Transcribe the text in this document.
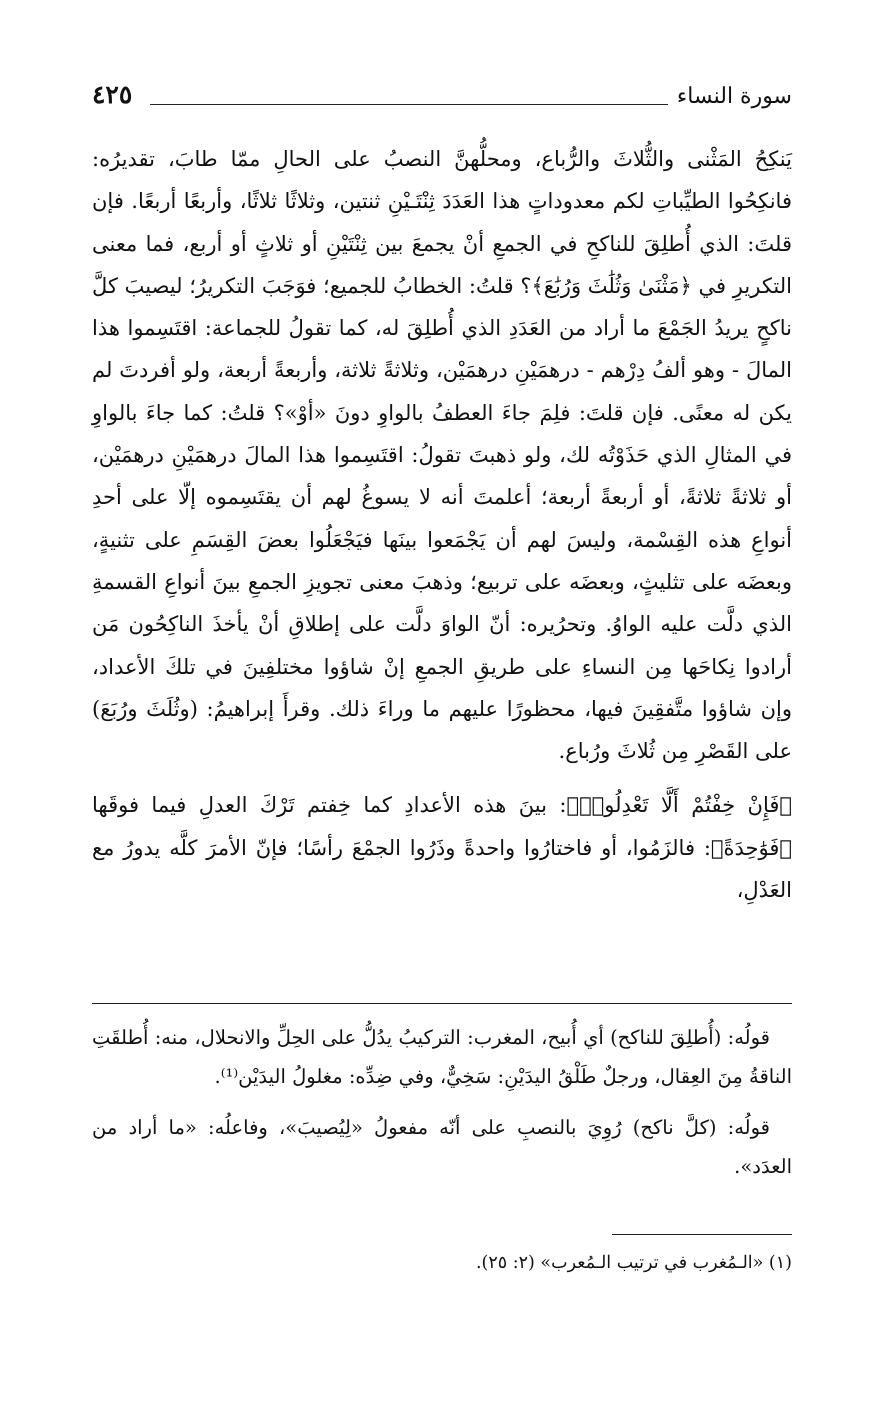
سورة النساء
٤٢٥

يَنكِحُ المَثْنى والثُّلاثَ والرُّباع، ومحلُّهنَّ النصبُ على الحالِ ممّا طابَ، تقديرُه: فانكِحُوا الطيِّباتِ لكم معدوداتٍ هذا العَدَدَ ثِنْتَـيْنِ ثنتين، وثلاثًا ثلاثًا، وأربعًا أربعًا. فإن قلتَ: الذي أُطلِقَ للناكحِ في الجمعِ أنْ يجمعَ بين ثِنْتَيْنِ أو ثلاثٍ أو أربع، فما معنى التكريرِ في ﴿مَثْنَىٰ وَثُلَٰثَ وَرُبَٰعَ﴾؟ قلتُ: الخطابُ للجميع؛ فوَجَبَ التكريرُ؛ ليصيبَ كلَّ ناكحٍ يريدُ الجَمْعَ ما أراد من العَدَدِ الذي أُطلِقَ له، كما تقولُ للجماعة: اقتَسِموا هذا المالَ - وهو ألفُ دِرْهم - درهمَيْنِ درهمَيْن، وثلاثةً ثلاثة، وأربعةً أربعة، ولو أفردتَ لم يكن له معنًى. فإن قلتَ: فلِمَ جاءَ العطفُ بالواوِ دونَ «أوْ»؟ قلتُ: كما جاءَ بالواوِ في المثالِ الذي حَذَوْتُه لك، ولو ذهبتَ تقولُ: اقتَسِموا هذا المالَ درهمَيْنِ درهمَيْن، أو ثلاثةً ثلاثةً، أو أربعةً أربعة؛ أعلمتَ أنه لا يسوغُ لهم أن يقتَسِموه إلّا على أحدِ أنواعِ هذه القِسْمة، وليسَ لهم أن يَجْمَعوا بينَها فيَجْعَلُوا بعضَ القِسَمِ على تثنيةٍ، وبعضَه على تثليثٍ، وبعضَه على تربيع؛ وذهبَ معنى تجويزِ الجمعِ بينَ أنواعِ القسمةِ الذي دلَّت عليه الواوُ. وتحرُيره: أنّ الواوَ دلَّت على إطلاقِ أنْ يأخذَ الناكِحُون مَن أرادوا نِكاحَها مِن النساءِ على طريقِ الجمعِ إنْ شاؤوا مختلفِينَ في تلكَ الأعداد، وإن شاؤوا متَّفقِينَ فيها، محظورًا عليهم ما وراءَ ذلك. وقرأَ إبراهيمُ: (وثُلَثَ ورُبَعَ) على القَصْرِ مِن ثُلاثَ ورُباع.

﴿فَإِنْ خِفْتُمْ أَلَّا تَعْدِلُوا۟﴾: بينَ هذه الأعدادِ كما خِفتم تَرْكَ العدلِ فيما فوقَها ﴿فَوَٰحِدَةً﴾: فالزَمُوا، أو فاختارُوا واحدةً وذَرُوا الجمْعَ رأسًا؛ فإنّ الأمرَ كلَّه يدورُ مع العَدْلِ،

قولُه: (أُطلِقَ للناكح) أي أُبيح، المغرب: التركيبُ يدُلُّ على الحِلِّ والانحلال، منه: أُطلقَتِ الناقةُ مِنَ العِقال، ورجلٌ طَلْقُ اليدَيْنِ: سَخِيٌّ، وفي ضِدِّه: مغلولُ اليدَيْن⁽¹⁾.

قولُه: (كلَّ ناكح) رُوِيَ بالنصبِ على أنّه مفعولُ «لِيُصيبَ»، وفاعلُه: «ما أراد من العدَد».

(١) «الـمُغرب في ترتيب الـمُعرب» (٢: ٢٥).
